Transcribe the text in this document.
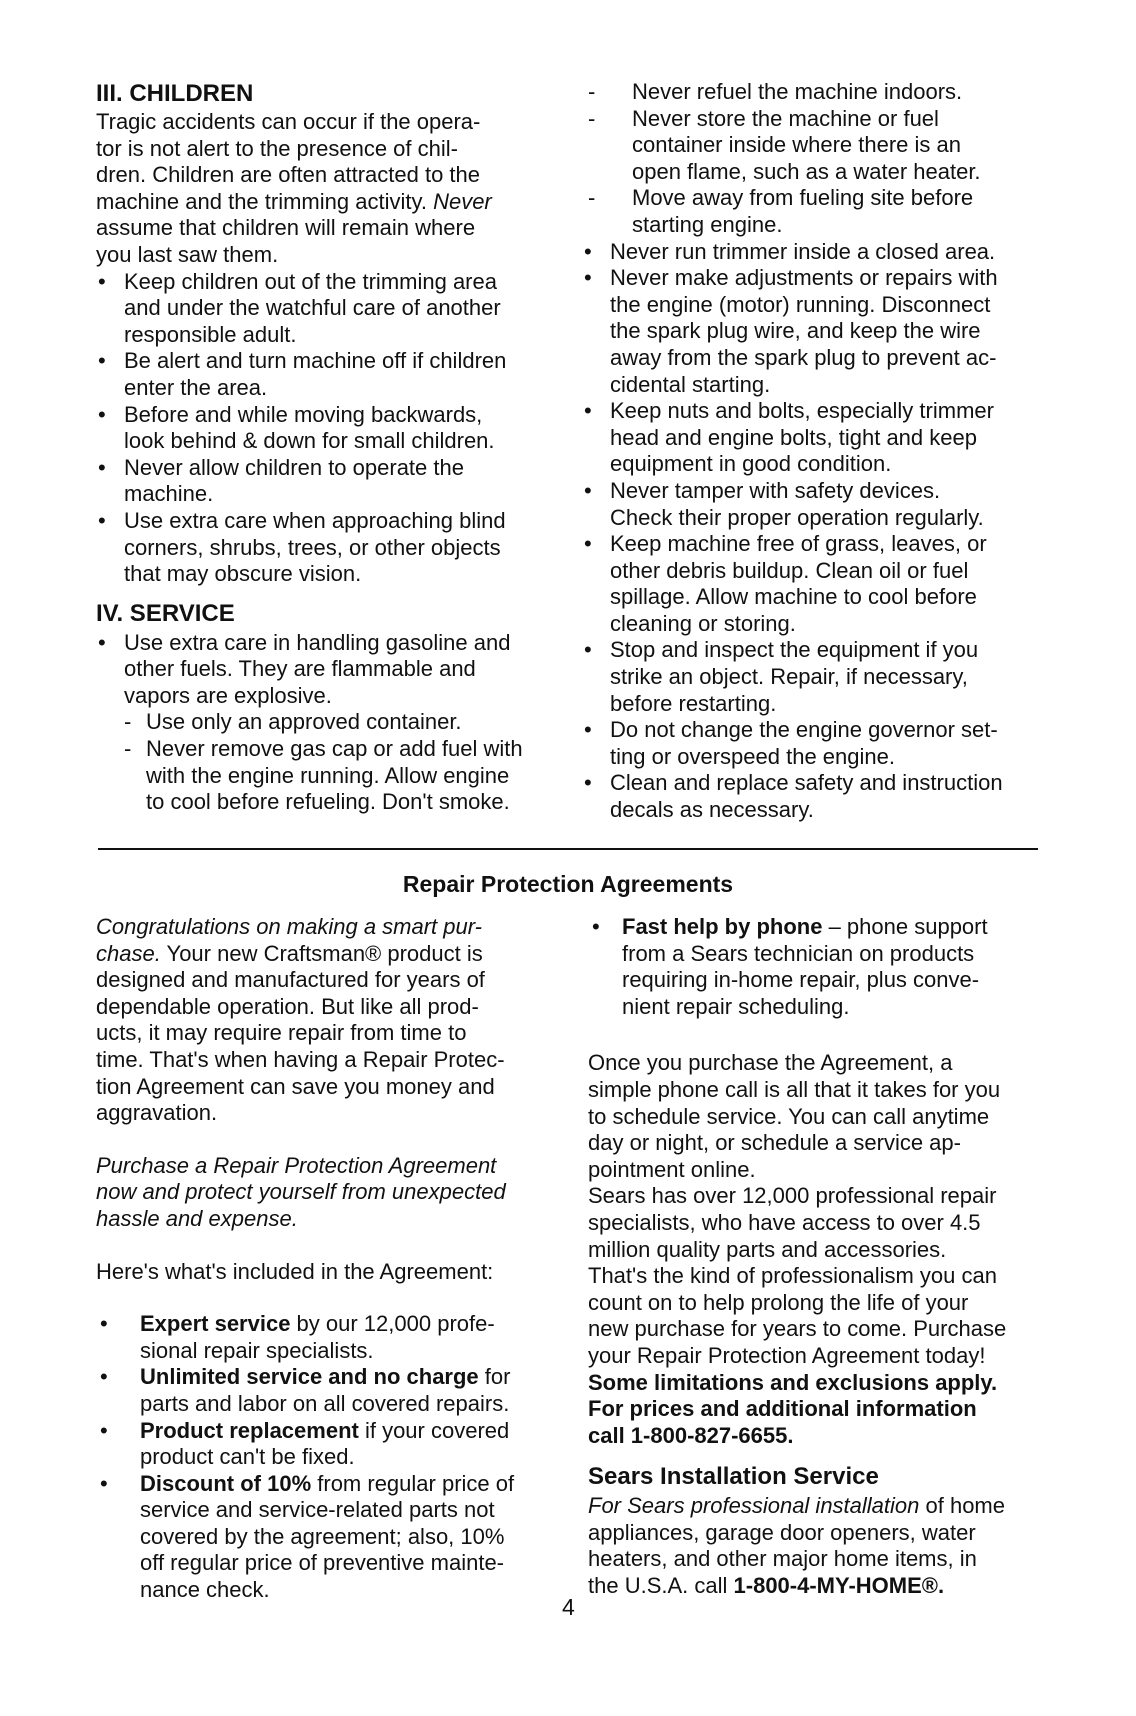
III. CHILDREN

Tragic accidents can occur if the opera-

tor is not alert to the presence of chil-

dren. Children are often attracted to the

machine and the trimming activity. Never

assume that children will remain where

you last saw them.

• Keep children out of the trimming area
and under the watchful care of another
responsible adult.
• Be alert and turn machine off if children
enter the area.
• Before and while moving backwards,
look behind & down for small children.
• Never allow children to operate the
machine.
• Use extra care when approaching blind
corners, shrubs, trees, or other objects
that may obscure vision.

IV. SERVICE

• Use extra care in handling gasoline and
other fuels. They are flammable and
vapors are explosive.
- Use only an approved container.
- Never remove gas cap or add fuel with
with the engine running. Allow engine
to cool before refueling. Don't smoke.
- Never refuel the machine indoors.
- Never store the machine or fuel
container inside where there is an
open flame, such as a water heater.
- Move away from fueling site before
starting engine.
• Never run trimmer inside a closed area.
• Never make adjustments or repairs with
the engine (motor) running. Disconnect
the spark plug wire, and keep the wire
away from the spark plug to prevent ac-
cidental starting.
• Keep nuts and bolts, especially trimmer
head and engine bolts, tight and keep
equipment in good condition.
• Never tamper with safety devices.
Check their proper operation regularly.
• Keep machine free of grass, leaves, or
other debris buildup. Clean oil or fuel
spillage. Allow machine to cool before
cleaning or storing.
• Stop and inspect the equipment if you
strike an object. Repair, if necessary,
before restarting.
• Do not change the engine governor set-
ting or overspeed the engine.
• Clean and replace safety and instruction
decals as necessary.
Repair Protection Agreements

Congratulations on making a smart pur-

chase. Your new Craftsman® product is

designed and manufactured for years of

dependable operation. But like all prod-

ucts, it may require repair from time to

time. That's when having a Repair Protec-

tion Agreement can save you money and

aggravation.

Purchase a Repair Protection Agreement

now and protect yourself from unexpected

hassle and expense.

Here's what's included in the Agreement:

• Expert service by our 12,000 profe-
sional repair specialists.
• Unlimited service and no charge for
parts and labor on all covered repairs.
• Product replacement if your covered
product can't be fixed.
• Discount of 10% from regular price of
service and service-related parts not
covered by the agreement; also, 10%
off regular price of preventive mainte-
nance check.
• Fast help by phone – phone support
from a Sears technician on products
requiring in-home repair, plus conve-
nient repair scheduling.

Once you purchase the Agreement, a

simple phone call is all that it takes for you

to schedule service. You can call anytime

day or night, or schedule a service ap-

pointment online.

Sears has over 12,000 professional repair

specialists, who have access to over 4.5

million quality parts and accessories.

That's the kind of professionalism you can

count on to help prolong the life of your

new purchase for years to come. Purchase

your Repair Protection Agreement today!

Some limitations and exclusions apply.

For prices and additional information

call 1-800-827-6655.

Sears Installation Service

For Sears professional installation of home

appliances, garage door openers, water

heaters, and other major home items, in

the U.S.A. call 1-800-4-MY-HOME®.

4
